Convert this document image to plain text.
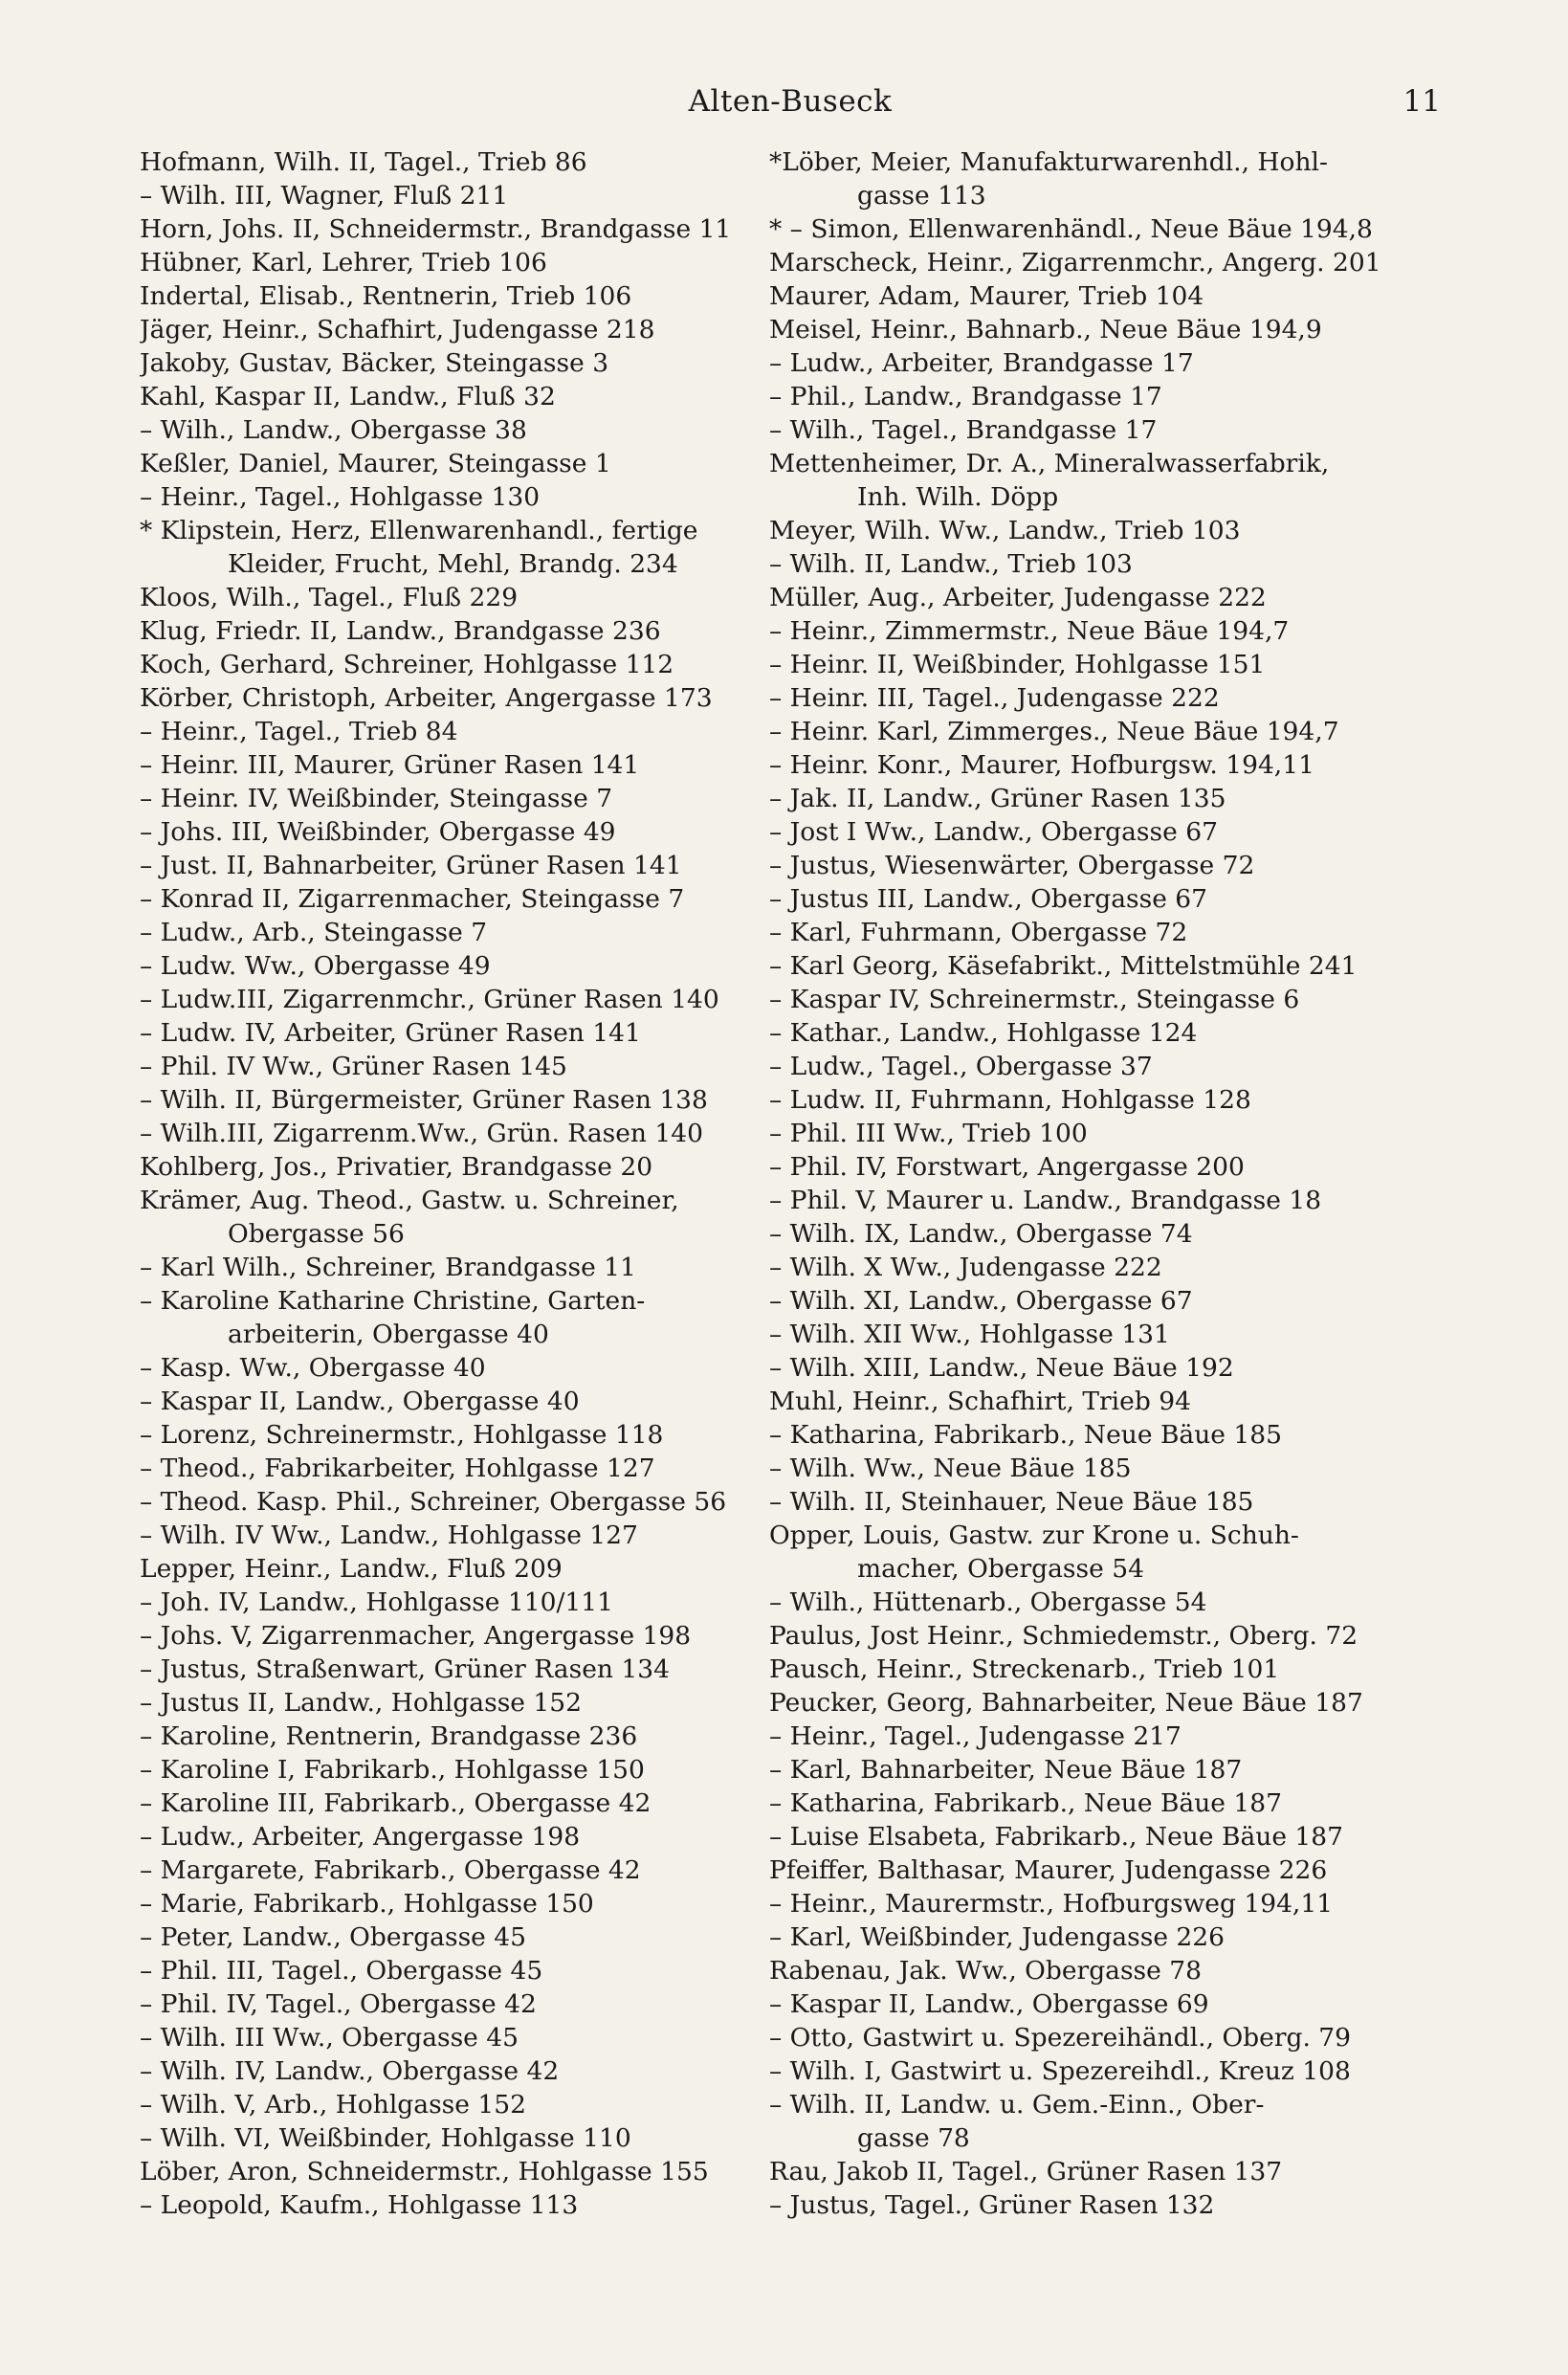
Alten-Buseck	11
Hofmann, Wilh. II, Tagel., Trieb 86
– Wilh. III, Wagner, Fluß 211
Horn, Johs. II, Schneidermstr., Brandgasse 11
Hübner, Karl, Lehrer, Trieb 106
Indertal, Elisab., Rentnerin, Trieb 106
Jäger, Heinr., Schafhirt, Judengasse 218
Jakoby, Gustav, Bäcker, Steingasse 3
Kahl, Kaspar II, Landw., Fluß 32
– Wilh., Landw., Obergasse 38
Keßler, Daniel, Maurer, Steingasse 1
– Heinr., Tagel., Hohlgasse 130
* Klipstein, Herz, Ellenwarenhandl., fertige
Kleider, Frucht, Mehl, Brandg. 234
Kloos, Wilh., Tagel., Fluß 229
Klug, Friedr. II, Landw., Brandgasse 236
Koch, Gerhard, Schreiner, Hohlgasse 112
Körber, Christoph, Arbeiter, Angergasse 173
– Heinr., Tagel., Trieb 84
– Heinr. III, Maurer, Grüner Rasen 141
– Heinr. IV, Weißbinder, Steingasse 7
– Johs. III, Weißbinder, Obergasse 49
– Just. II, Bahnarbeiter, Grüner Rasen 141
– Konrad II, Zigarrenmacher, Steingasse 7
– Ludw., Arb., Steingasse 7
– Ludw. Ww., Obergasse 49
– Ludw.III, Zigarrenmchr., Grüner Rasen 140
– Ludw. IV, Arbeiter, Grüner Rasen 141
– Phil. IV Ww., Grüner Rasen 145
– Wilh. II, Bürgermeister, Grüner Rasen 138
– Wilh.III, Zigarrenm.Ww., Grün. Rasen 140
Kohlberg, Jos., Privatier, Brandgasse 20
Krämer, Aug. Theod., Gastw. u. Schreiner,
Obergasse 56
– Karl Wilh., Schreiner, Brandgasse 11
– Karoline Katharine Christine, Garten-
arbeiterin, Obergasse 40
– Kasp. Ww., Obergasse 40
– Kaspar II, Landw., Obergasse 40
– Lorenz, Schreinermstr., Hohlgasse 118
– Theod., Fabrikarbeiter, Hohlgasse 127
– Theod. Kasp. Phil., Schreiner, Obergasse 56
– Wilh. IV Ww., Landw., Hohlgasse 127
Lepper, Heinr., Landw., Fluß 209
– Joh. IV, Landw., Hohlgasse 110/111
– Johs. V, Zigarrenmacher, Angergasse 198
– Justus, Straßenwart, Grüner Rasen 134
– Justus II, Landw., Hohlgasse 152
– Karoline, Rentnerin, Brandgasse 236
– Karoline I, Fabrikarb., Hohlgasse 150
– Karoline III, Fabrikarb., Obergasse 42
– Ludw., Arbeiter, Angergasse 198
– Margarete, Fabrikarb., Obergasse 42
– Marie, Fabrikarb., Hohlgasse 150
– Peter, Landw., Obergasse 45
– Phil. III, Tagel., Obergasse 45
– Phil. IV, Tagel., Obergasse 42
– Wilh. III Ww., Obergasse 45
– Wilh. IV, Landw., Obergasse 42
– Wilh. V, Arb., Hohlgasse 152
– Wilh. VI, Weißbinder, Hohlgasse 110
Löber, Aron, Schneidermstr., Hohlgasse 155
– Leopold, Kaufm., Hohlgasse 113
*Löber, Meier, Manufakturwarenhdl., Hohl-
gasse 113
* – Simon, Ellenwarenhändl., Neue Bäue 194,8
Marscheck, Heinr., Zigarrenmchr., Angerg. 201
Maurer, Adam, Maurer, Trieb 104
Meisel, Heinr., Bahnarb., Neue Bäue 194,9
– Ludw., Arbeiter, Brandgasse 17
– Phil., Landw., Brandgasse 17
– Wilh., Tagel., Brandgasse 17
Mettenheimer, Dr. A., Mineralwasserfabrik,
Inh. Wilh. Döpp
Meyer, Wilh. Ww., Landw., Trieb 103
– Wilh. II, Landw., Trieb 103
Müller, Aug., Arbeiter, Judengasse 222
– Heinr., Zimmermstr., Neue Bäue 194,7
– Heinr. II, Weißbinder, Hohlgasse 151
– Heinr. III, Tagel., Judengasse 222
– Heinr. Karl, Zimmerges., Neue Bäue 194,7
– Heinr. Konr., Maurer, Hofburgsw. 194,11
– Jak. II, Landw., Grüner Rasen 135
– Jost I Ww., Landw., Obergasse 67
– Justus, Wiesenwärter, Obergasse 72
– Justus III, Landw., Obergasse 67
– Karl, Fuhrmann, Obergasse 72
– Karl Georg, Käsefabrikt., Mittelstmühle 241
– Kaspar IV, Schreinermstr., Steingasse 6
– Kathar., Landw., Hohlgasse 124
– Ludw., Tagel., Obergasse 37
– Ludw. II, Fuhrmann, Hohlgasse 128
– Phil. III Ww., Trieb 100
– Phil. IV, Forstwart, Angergasse 200
– Phil. V, Maurer u. Landw., Brandgasse 18
– Wilh. IX, Landw., Obergasse 74
– Wilh. X Ww., Judengasse 222
– Wilh. XI, Landw., Obergasse 67
– Wilh. XII Ww., Hohlgasse 131
– Wilh. XIII, Landw., Neue Bäue 192
Muhl, Heinr., Schafhirt, Trieb 94
– Katharina, Fabrikarb., Neue Bäue 185
– Wilh. Ww., Neue Bäue 185
– Wilh. II, Steinhauer, Neue Bäue 185
Opper, Louis, Gastw. zur Krone u. Schuh-
macher, Obergasse 54
– Wilh., Hüttenarb., Obergasse 54
Paulus, Jost Heinr., Schmiedemstr., Oberg. 72
Pausch, Heinr., Streckenarb., Trieb 101
Peucker, Georg, Bahnarbeiter, Neue Bäue 187
– Heinr., Tagel., Judengasse 217
– Karl, Bahnarbeiter, Neue Bäue 187
– Katharina, Fabrikarb., Neue Bäue 187
– Luise Elsabeta, Fabrikarb., Neue Bäue 187
Pfeiffer, Balthasar, Maurer, Judengasse 226
– Heinr., Maurermstr., Hofburgsweg 194,11
– Karl, Weißbinder, Judengasse 226
Rabenau, Jak. Ww., Obergasse 78
– Kaspar II, Landw., Obergasse 69
– Otto, Gastwirt u. Spezereihändl., Oberg. 79
– Wilh. I, Gastwirt u. Spezereihdl., Kreuz 108
– Wilh. II, Landw. u. Gem.-Einn., Ober-
gasse 78
Rau, Jakob II, Tagel., Grüner Rasen 137
– Justus, Tagel., Grüner Rasen 132
